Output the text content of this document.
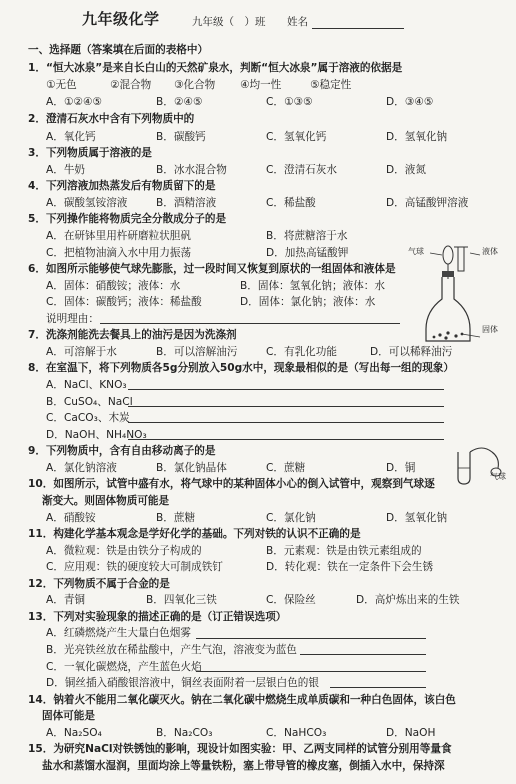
九年级化学	九年级（　）班 姓名
一、选择题（答案填在后面的表格中）
1．“恒大冰泉”是来自长白山的天然矿泉水，判断“恒大冰泉”属于溶液的依据是
①无色	②混合物 ③化合物 ④均一性	⑤稳定性
A．①②④⑤	B．②④⑤	C．①③⑤	D．③④⑤
2．澄清石灰水中含有下列物质中的
A．氧化钙	B．碳酸钙	C．氢氧化钙	D．氢氧化钠
3．下列物质属于溶液的是
A．牛奶	B．冰水混合物	C．澄清石灰水	D．液氮
4．下列溶液加热蒸发后有物质留下的是
A．碳酸氢铵溶液	B．酒精溶液	C．稀盐酸	D．高锰酸钾溶液
5．下列操作能将物质完全分散成分子的是
A．在研钵里用杵研磨粒状胆矾	B．将蔗糖溶于水
C．把植物油滴入水中用力振荡	D．加热高锰酸钾
6．如图所示能够使气球先膨胀，过一段时间又恢复到原状的一组固体和液体是
A．固体：硝酸铵；液体：水	B．固体：氢氧化钠；液体：水
C．固体：碳酸钙；液体：稀盐酸	D．固体：氯化钠；液体：水
说明理由：
气球	液体
固体
7．洗涤剂能洗去餐具上的油污是因为洗涤剂
A．可溶解于水	B．可以溶解油污	C．有乳化功能	D．可以稀释油污
8．在室温下，将下列物质各5g分别放入50g水中，现象最相似的是（写出每一组的现象）
A．NaCl、KNO₃
B．CuSO₄、NaCl
C．CaCO₃、木炭
D．NaOH、NH₄NO₃
9．下列物质中，含有自由移动离子的是
A．氯化钠溶液	B．氯化钠晶体	C．蔗糖	D．铜
10．如图所示，试管中盛有水，将气球中的某种固体小心的倒入试管中，观察到气球逐
渐变大。则固体物质可能是
A．硝酸铵	B．蔗糖	C．氯化钠	D．氢氧化钠
气球
11．构建化学基本观念是学好化学的基础。下列对铁的认识不正确的是
A．微粒观：铁是由铁分子构成的	B．元素观：铁是由铁元素组成的
C．应用观：铁的硬度较大可制成铁钉	D．转化观：铁在一定条件下会生锈
12．下列物质不属于合金的是
A．青铜	B．四氧化三铁	C．保险丝	D．高炉炼出来的生铁
13．下列对实验现象的描述正确的是（订正错误选项）
A．红磷燃烧产生大量白色烟雾
B．光亮铁丝放在稀盐酸中，产生气泡，溶液变为蓝色
C．一氧化碳燃烧，产生蓝色火焰
D．铜丝插入硝酸银溶液中，铜丝表面附着一层银白色的银
14．钠着火不能用二氧化碳灭火。钠在二氧化碳中燃烧生成单质碳和一种白色固体，该白色
固体可能是
A．Na₂SO₄	B．Na₂CO₃	C．NaHCO₃	D．NaOH
15．为研究NaCl对铁锈蚀的影响，现设计如图实验：甲、乙两支同样的试管分别用等量食
盐水和蒸馏水湿润，里面均涂上等量铁粉，塞上带导管的橡皮塞，倒插入水中，保持深
